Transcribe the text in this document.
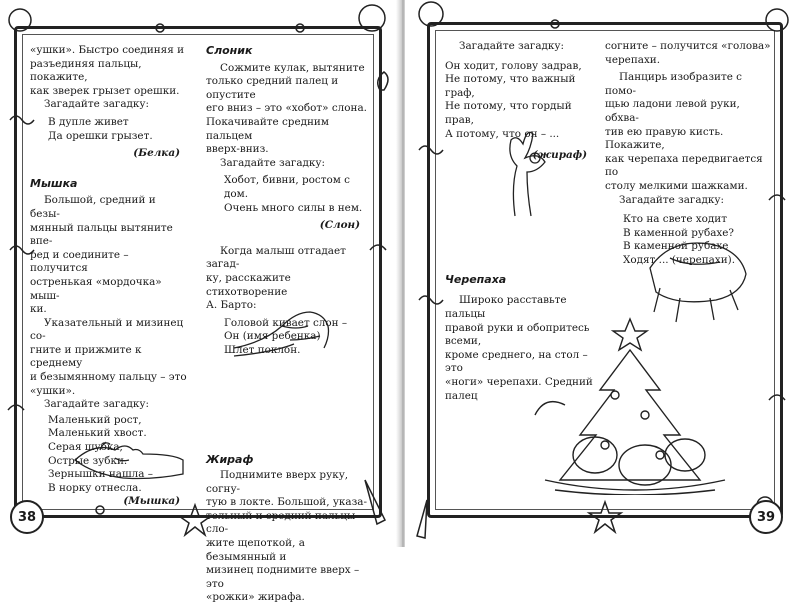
«ушки». Быстро соединяя и

разъединяя пальцы, покажите,

как зверек грызет орешки.

Загадайте загадку:

В дупле живет

Да орешки грызет.

(Белка)

Мышка

Большой, средний и безы-

мянный пальцы вытяните впе-

ред и соедините – получится

остренькая «мордочка» мыш-

ки.

Указательный и мизинец со-

гните и прижмите к среднему

и безымянному пальцу – это

«ушки».

Загадайте загадку:

Маленький рост,

Маленький хвост.

Серая шубка,

Острые зубки.

Зернышки нашла –

В норку отнесла.

(Мышка)

Слоник

Сожмите кулак, вытяните

только средний палец и опустите

его вниз – это «хобот» слона.

Покачивайте средним пальцем

вверх-вниз.

Загадайте загадку:

Хобот, бивни, ростом с дом.

Очень много силы в нем.

(Слон)

Когда малыш отгадает загад-

ку, расскажите стихотворение

А. Барто:

Головой кивает слон –

Он (имя ребенка)

Шлет поклон.

Жираф

Поднимите вверх руку, согну-

тую в локте. Большой, указа-

тельный и средний пальцы сло-

жите щепоткой, а безымянный и

мизинец поднимите вверх – это

«рожки» жирафа.

38

Загадайте загадку:

Он ходит, голову задрав,

Не потому, что важный граф,

Не потому, что гордый прав,

А потому, что он – ...

(жираф)

Черепаха

Широко расставьте пальцы

правой руки и обопритесь всеми,

кроме среднего, на стол – это

«ноги» черепахи. Средний палец

согните – получится «голова»

черепахи.

Панцирь изобразите с помо-

щью ладони левой руки, обхва-

тив ею правую кисть. Покажите,

как черепаха передвигается по

столу мелкими шажками.

Загадайте загадку:

Кто на свете ходит

В каменной рубахе?

В каменной рубахе

Ходят ... (черепахи).

39
